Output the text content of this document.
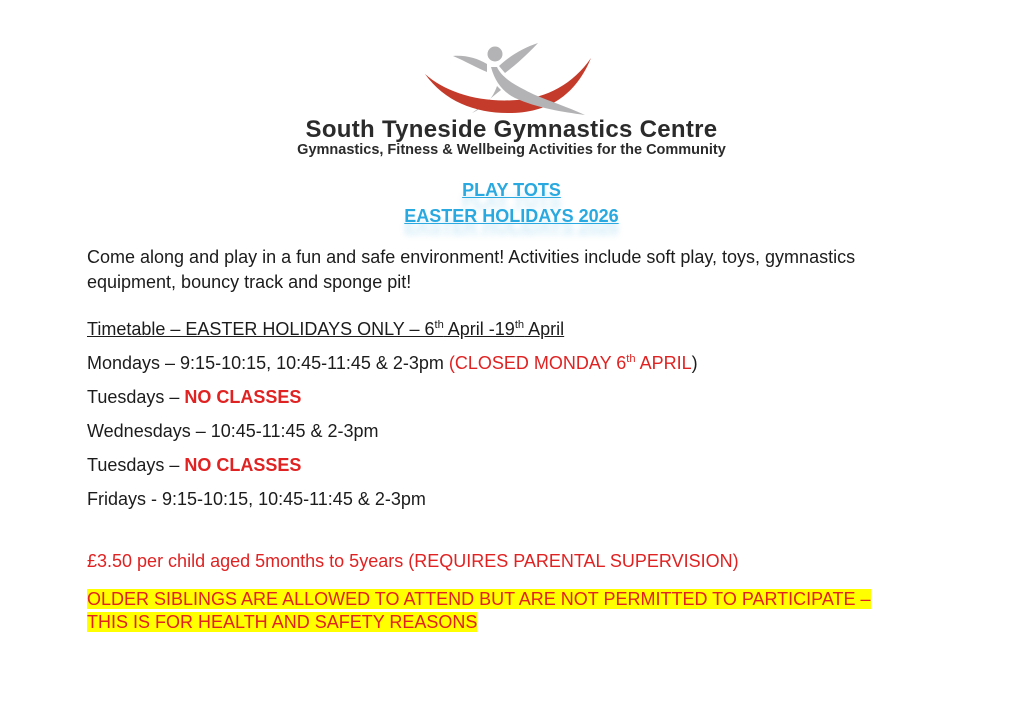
South Tyneside Gymnastics Centre
Gymnastics, Fitness & Wellbeing Activities for the Community
PLAY TOTS
EASTER HOLIDAYS 2026

Come along and play in a fun and safe environment! Activities include soft play, toys, gymnastics equipment, bouncy track and sponge pit!

Timetable – EASTER HOLIDAYS ONLY – 6th April -19th April

Mondays – 9:15-10:15, 10:45-11:45 & 2-3pm (CLOSED MONDAY 6th APRIL)

Tuesdays – NO CLASSES

Wednesdays – 10:45-11:45 & 2-3pm

Tuesdays – NO CLASSES

Fridays - 9:15-10:15, 10:45-11:45 & 2-3pm

£3.50 per child aged 5months to 5years (REQUIRES PARENTAL SUPERVISION)

OLDER SIBLINGS ARE ALLOWED TO ATTEND BUT ARE NOT PERMITTED TO PARTICIPATE –
THIS IS FOR HEALTH AND SAFETY REASONS
